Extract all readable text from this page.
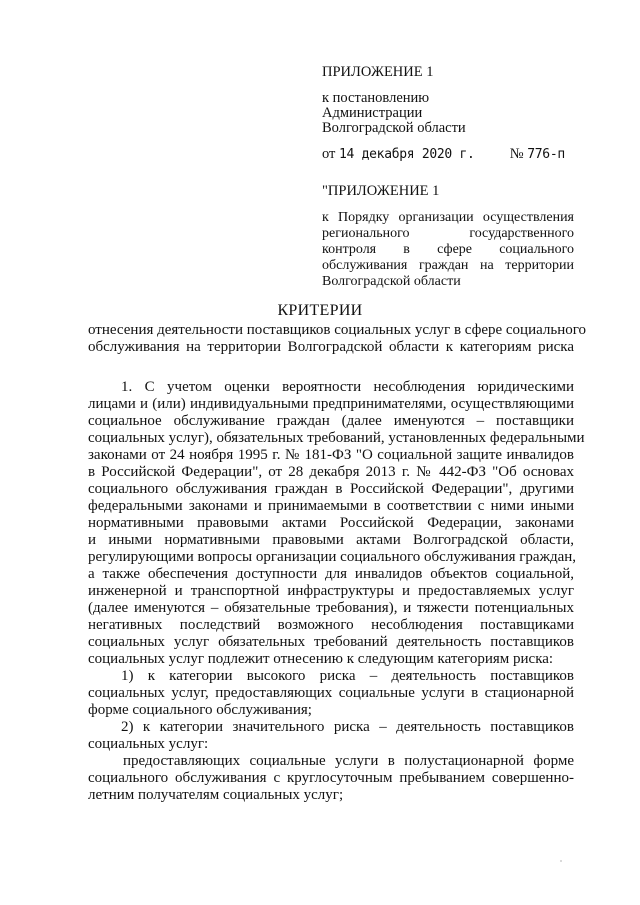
ПРИЛОЖЕНИЕ 1
к постановлению
Администрации
Волгоградской области
от 14 декабря 2020 г. № 776-п
"ПРИЛОЖЕНИЕ 1
к Порядку организации осуществления
регионального государственного
контроля в сфере социального
обслуживания граждан на территории
Волгоградской области
КРИТЕРИИ
отнесения деятельности поставщиков социальных услуг в сфере социального
обслуживания на территории Волгоградской области к категориям риска
1. С учетом оценки вероятности несоблюдения юридическими
лицами и (или) индивидуальными предпринимателями, осуществляющими
социальное обслуживание граждан (далее именуются – поставщики
социальных услуг), обязательных требований, установленных федеральными
законами от 24 ноября 1995 г. № 181-ФЗ "О социальной защите инвалидов
в Российской Федерации", от 28 декабря 2013 г. № 442-ФЗ "Об основах
социального обслуживания граждан в Российской Федерации", другими
федеральными законами и принимаемыми в соответствии с ними иными
нормативными правовыми актами Российской Федерации, законами
и иными нормативными правовыми актами Волгоградской области,
регулирующими вопросы организации социального обслуживания граждан,
а также обеспечения доступности для инвалидов объектов социальной,
инженерной и транспортной инфраструктуры и предоставляемых услуг
(далее именуются – обязательные требования), и тяжести потенциальных
негативных последствий возможного несоблюдения поставщиками
социальных услуг обязательных требований деятельность поставщиков
социальных услуг подлежит отнесению к следующим категориям риска:
1) к категории высокого риска – деятельность поставщиков
социальных услуг, предоставляющих социальные услуги в стационарной
форме социального обслуживания;
2) к категории значительного риска – деятельность поставщиков
социальных услуг:
предоставляющих социальные услуги в полустационарной форме
социального обслуживания с круглосуточным пребыванием совершенно-
летним получателям социальных услуг;
